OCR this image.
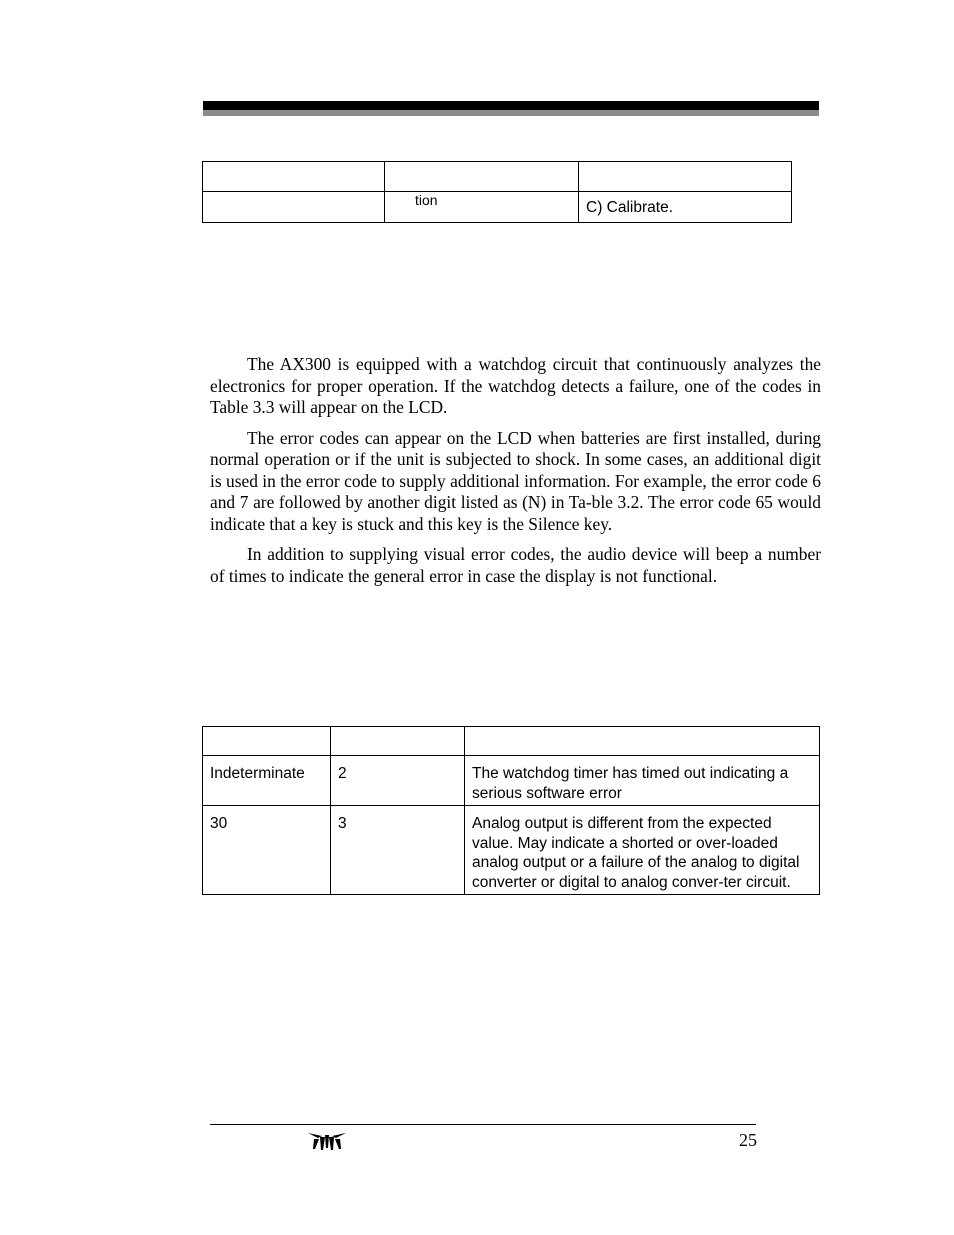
	tion	C) Calibrate.

The AX300 is equipped with a watchdog circuit that continuously analyzes the electronics for proper operation. If the watchdog detects a failure, one of the codes in Table 3.3 will appear on the LCD.

The error codes can appear on the LCD when batteries are first installed, during normal operation or if the unit is subjected to shock. In some cases, an additional digit is used in the error code to supply additional information. For example, the error code 6 and 7 are followed by another digit listed as (N) in Ta-ble 3.2. The error code 65 would indicate that a key is stuck and this key is the Silence key.

In addition to supplying visual error codes, the audio device will beep a number of times to indicate the general error in case the display is not functional.

Indeterminate	2	The watchdog timer has timed out indicating a serious software error
30	3	Analog output is different from the expected value. May indicate a shorted or over-loaded analog output or a failure of the analog to digital converter or digital to analog conver-ter circuit.
25
